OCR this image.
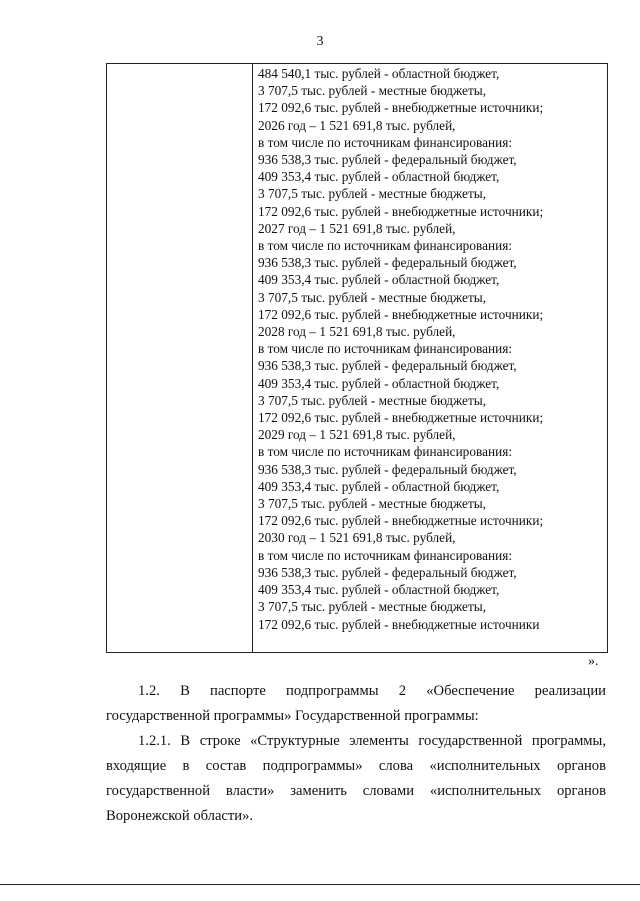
3
484 540,1 тыс. рублей - областной бюджет,
3 707,5 тыс. рублей - местные бюджеты,
172 092,6 тыс. рублей - внебюджетные источники;
2026 год – 1 521 691,8 тыс. рублей,
в том числе по источникам финансирования:
936 538,3 тыс. рублей - федеральный бюджет,
409 353,4 тыс. рублей - областной бюджет,
3 707,5 тыс. рублей - местные бюджеты,
172 092,6 тыс. рублей - внебюджетные источники;
2027 год – 1 521 691,8 тыс. рублей,
в том числе по источникам финансирования:
936 538,3 тыс. рублей - федеральный бюджет,
409 353,4 тыс. рублей - областной бюджет,
3 707,5 тыс. рублей - местные бюджеты,
172 092,6 тыс. рублей - внебюджетные источники;
2028 год – 1 521 691,8 тыс. рублей,
в том числе по источникам финансирования:
936 538,3 тыс. рублей - федеральный бюджет,
409 353,4 тыс. рублей - областной бюджет,
3 707,5 тыс. рублей - местные бюджеты,
172 092,6 тыс. рублей - внебюджетные источники;
2029 год – 1 521 691,8 тыс. рублей,
в том числе по источникам финансирования:
936 538,3 тыс. рублей - федеральный бюджет,
409 353,4 тыс. рублей - областной бюджет,
3 707,5 тыс. рублей - местные бюджеты,
172 092,6 тыс. рублей - внебюджетные источники;
2030 год – 1 521 691,8 тыс. рублей,
в том числе по источникам финансирования:
936 538,3 тыс. рублей - федеральный бюджет,
409 353,4 тыс. рублей - областной бюджет,
3 707,5 тыс. рублей - местные бюджеты,
172 092,6 тыс. рублей - внебюджетные источники
».
1.2. В паспорте подпрограммы 2 «Обеспечение реализации государственной программы» Государственной программы:
1.2.1. В строке «Структурные элементы государственной программы, входящие в состав подпрограммы» слова «исполнительных органов государственной власти» заменить словами «исполнительных органов Воронежской области».
